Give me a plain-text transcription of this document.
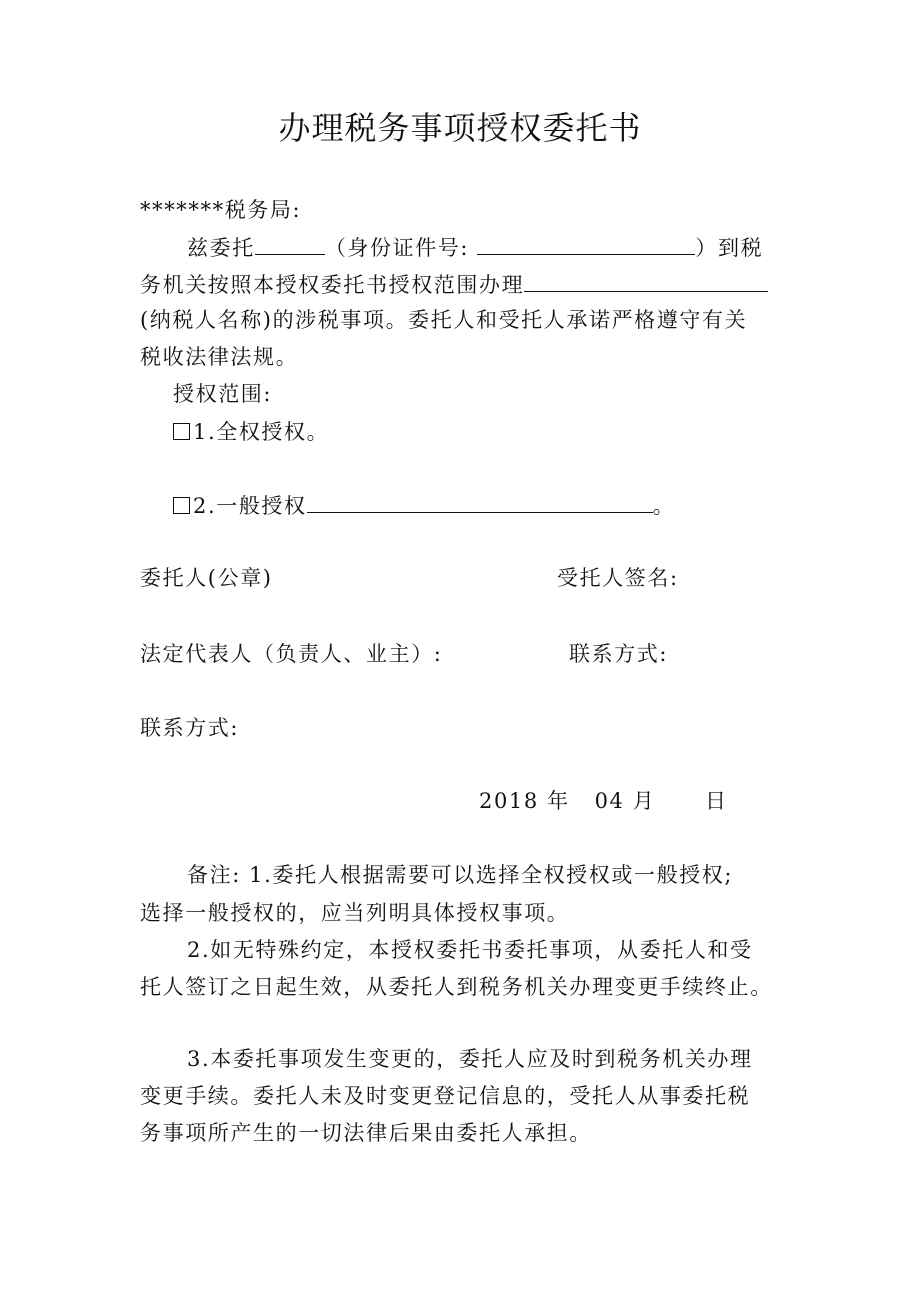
办理税务事项授权委托书
*******税务局:
兹委托	（身份证件号:	）到税
务机关按照本授权委托书授权范围办理
(纳税人名称)的涉税事项。委托人和受托人承诺严格遵守有关
税收法律法规。
授权范围:
1.全权授权。
2.一般授权	。
委托人(公章)	受托人签名:
法定代表人（负责人、业主）:	联系方式:
联系方式:
2018 年 04 月 日
备注: 1.委托人根据需要可以选择全权授权或一般授权;
选择一般授权的，应当列明具体授权事项。
2.如无特殊约定，本授权委托书委托事项，从委托人和受
托人签订之日起生效，从委托人到税务机关办理变更手续终止。
3.本委托事项发生变更的，委托人应及时到税务机关办理
变更手续。委托人未及时变更登记信息的，受托人从事委托税
务事项所产生的一切法律后果由委托人承担。
